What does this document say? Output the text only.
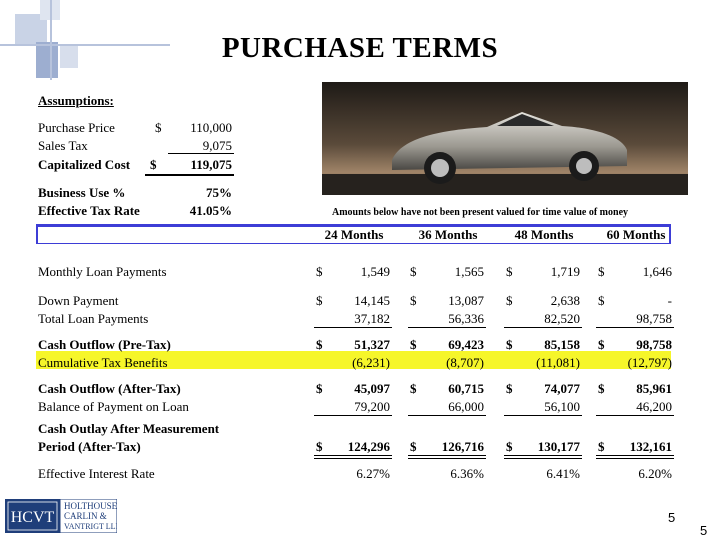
PURCHASE TERMS
Assumptions:
Purchase Price	$	110,000
Sales Tax	9,075
Capitalized Cost $	119,075
Business Use %	75%
Effective Tax Rate	41.05%	Amounts below have not been present valued for time value of money
24 Months	36 Months	48 Months	60 Months
Monthly Loan Payments	$	1,549 $	1,565 $	1,719 $	1,646
Down Payment	$	14,145 $	13,087 $	2,638 $	-
Total Loan Payments	37,182	56,336	82,520	98,758
Cash Outflow (Pre-Tax)	$	51,327 $	69,423 $	85,158 $	98,758
Cumulative Tax Benefits	(6,231)	(8,707)	(11,081)	(12,797)
Cash Outflow (After-Tax)	$	45,097 $	60,715 $	74,077 $	85,961
Balance of Payment on Loan	79,200	66,000	56,100	46,200
Cash Outlay After Measurement
Period (After-Tax)	$	124,296 $	126,716 $	130,177 $	132,161
Effective Interest Rate	6.27%	6.36%	6.41%	6.20%
HCVT
HOLTHOUSE
CARLIN &
VANTRIGT LLP
5
5
